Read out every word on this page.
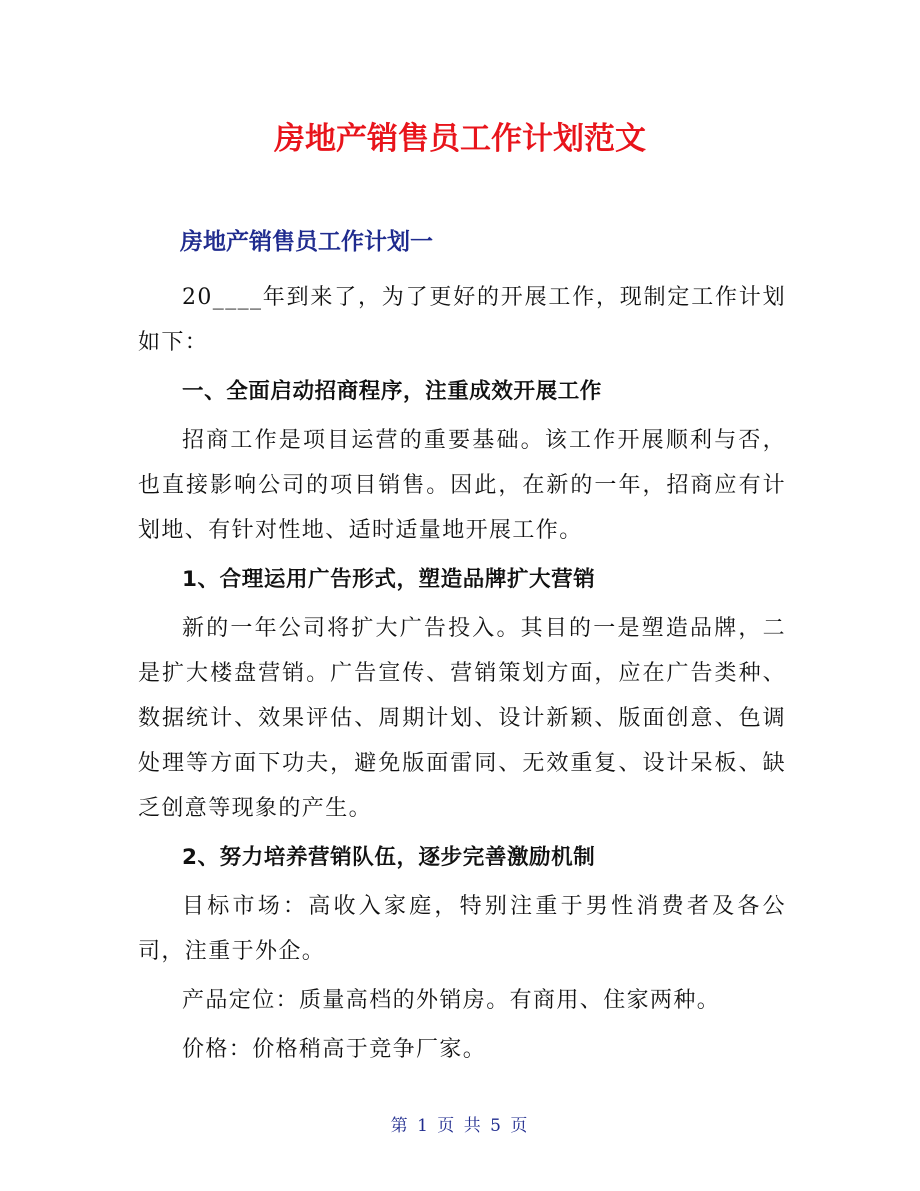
房地产销售员工作计划范文
房地产销售员工作计划一

20____年到来了，为了更好的开展工作，现制定工作计划如下：

一、全面启动招商程序，注重成效开展工作

招商工作是项目运营的重要基础。该工作开展顺利与否，也直接影响公司的项目销售。因此，在新的一年，招商应有计划地、有针对性地、适时适量地开展工作。

1、合理运用广告形式，塑造品牌扩大营销

新的一年公司将扩大广告投入。其目的一是塑造品牌，二是扩大楼盘营销。广告宣传、营销策划方面，应在广告类种、数据统计、效果评估、周期计划、设计新颖、版面创意、色调处理等方面下功夫，避免版面雷同、无效重复、设计呆板、缺乏创意等现象的产生。

2、努力培养营销队伍，逐步完善激励机制

目标市场：高收入家庭，特别注重于男性消费者及各公司，注重于外企。

产品定位：质量高档的外销房。有商用、住家两种。

价格：价格稍高于竞争厂家。

第 1 页 共 5 页
